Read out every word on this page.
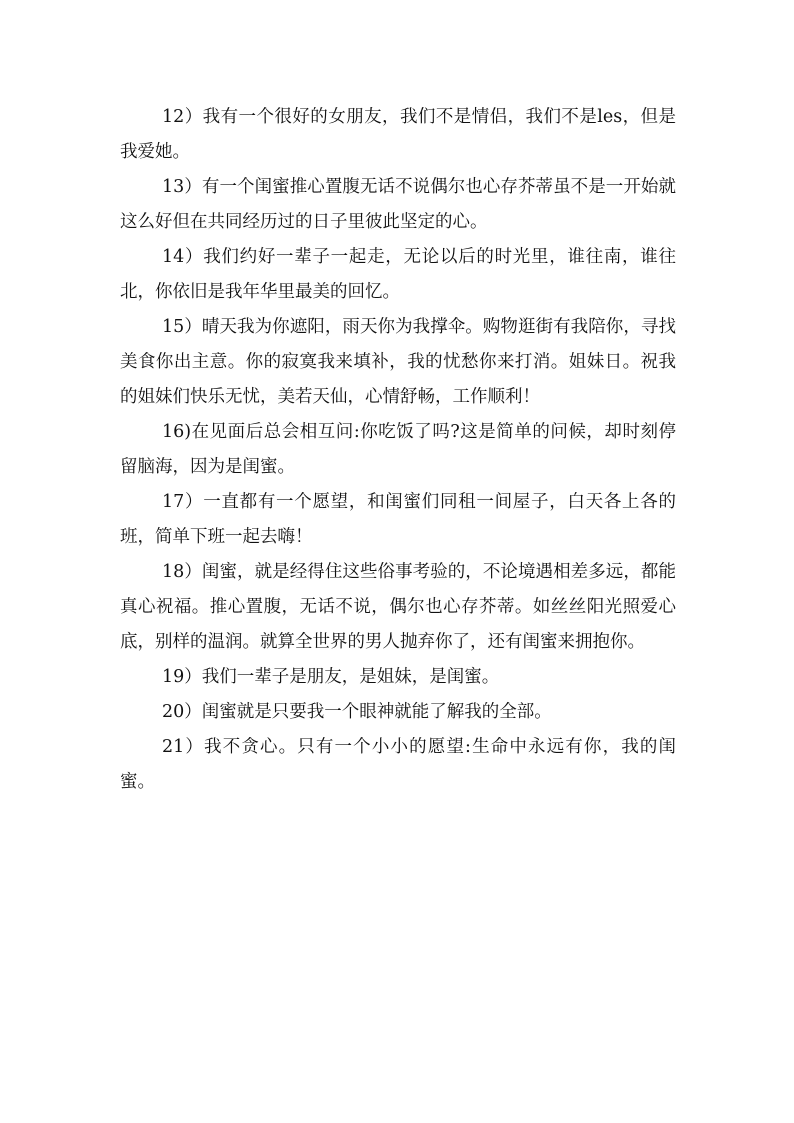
12）我有一个很好的女朋友，我们不是情侣，我们不是les，但是我爱她。

13）有一个闺蜜推心置腹无话不说偶尔也心存芥蒂虽不是一开始就这么好但在共同经历过的日子里彼此坚定的心。

14）我们约好一辈子一起走，无论以后的时光里，谁往南，谁往北，你依旧是我年华里最美的回忆。

15）晴天我为你遮阳，雨天你为我撑伞。购物逛街有我陪你，寻找美食你出主意。你的寂寞我来填补，我的忧愁你来打消。姐妹日。祝我的姐妹们快乐无忧，美若天仙，心情舒畅，工作顺利！

16)在见面后总会相互问:你吃饭了吗?这是简单的问候，却时刻停留脑海，因为是闺蜜。

17）一直都有一个愿望，和闺蜜们同租一间屋子，白天各上各的班，简单下班一起去嗨！

18）闺蜜，就是经得住这些俗事考验的，不论境遇相差多远，都能真心祝福。推心置腹，无话不说，偶尔也心存芥蒂。如丝丝阳光照爱心底，别样的温润。就算全世界的男人抛弃你了，还有闺蜜来拥抱你。

19）我们一辈子是朋友，是姐妹，是闺蜜。

20）闺蜜就是只要我一个眼神就能了解我的全部。

21）我不贪心。只有一个小小的愿望:生命中永远有你，我的闺蜜。
